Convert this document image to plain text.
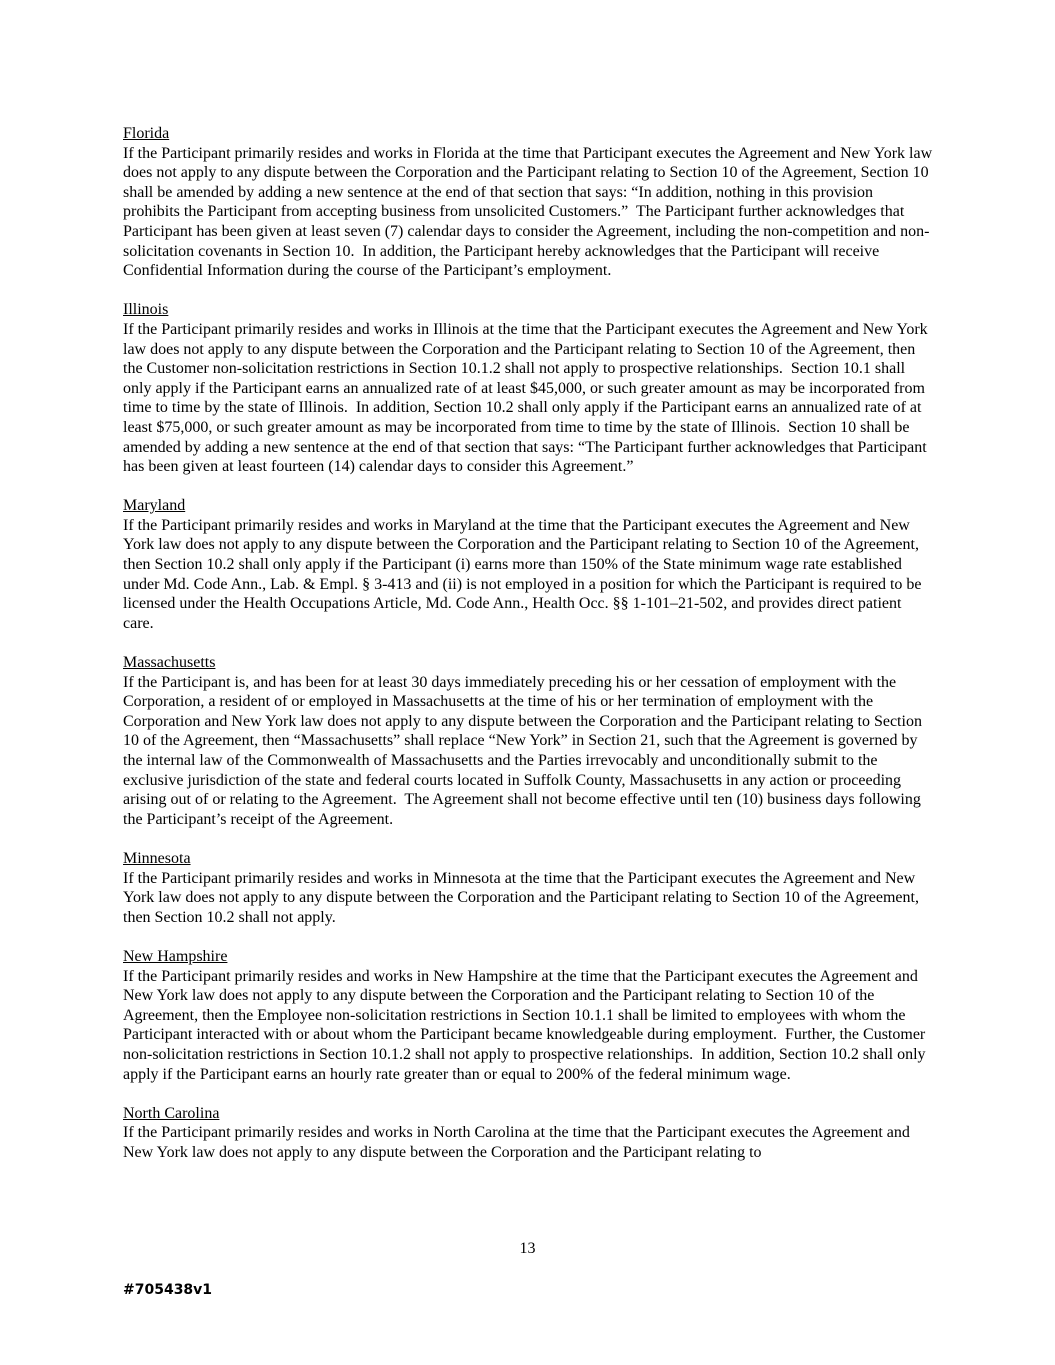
Florida
If the Participant primarily resides and works in Florida at the time that Participant executes the Agreement and New York law does not apply to any dispute between the Corporation and the Participant relating to Section 10 of the Agreement, Section 10 shall be amended by adding a new sentence at the end of that section that says: “In addition, nothing in this provision prohibits the Participant from accepting business from unsolicited Customers.”  The Participant further acknowledges that Participant has been given at least seven (7) calendar days to consider the Agreement, including the non-competition and non-solicitation covenants in Section 10.  In addition, the Participant hereby acknowledges that the Participant will receive Confidential Information during the course of the Participant’s employment.
Illinois
If the Participant primarily resides and works in Illinois at the time that the Participant executes the Agreement and New York law does not apply to any dispute between the Corporation and the Participant relating to Section 10 of the Agreement, then the Customer non-solicitation restrictions in Section 10.1.2 shall not apply to prospective relationships.  Section 10.1 shall only apply if the Participant earns an annualized rate of at least $45,000, or such greater amount as may be incorporated from time to time by the state of Illinois.  In addition, Section 10.2 shall only apply if the Participant earns an annualized rate of at least $75,000, or such greater amount as may be incorporated from time to time by the state of Illinois.  Section 10 shall be amended by adding a new sentence at the end of that section that says: “The Participant further acknowledges that Participant has been given at least fourteen (14) calendar days to consider this Agreement.”
Maryland
If the Participant primarily resides and works in Maryland at the time that the Participant executes the Agreement and New York law does not apply to any dispute between the Corporation and the Participant relating to Section 10 of the Agreement, then Section 10.2 shall only apply if the Participant (i) earns more than 150% of the State minimum wage rate established under Md. Code Ann., Lab. & Empl. § 3-413 and (ii) is not employed in a position for which the Participant is required to be licensed under the Health Occupations Article, Md. Code Ann., Health Occ. §§ 1-101–21-502, and provides direct patient care.
Massachusetts
If the Participant is, and has been for at least 30 days immediately preceding his or her cessation of employment with the Corporation, a resident of or employed in Massachusetts at the time of his or her termination of employment with the Corporation and New York law does not apply to any dispute between the Corporation and the Participant relating to Section 10 of the Agreement, then “Massachusetts” shall replace “New York” in Section 21, such that the Agreement is governed by the internal law of the Commonwealth of Massachusetts and the Parties irrevocably and unconditionally submit to the exclusive jurisdiction of the state and federal courts located in Suffolk County, Massachusetts in any action or proceeding arising out of or relating to the Agreement.  The Agreement shall not become effective until ten (10) business days following the Participant’s receipt of the Agreement.
Minnesota
If the Participant primarily resides and works in Minnesota at the time that the Participant executes the Agreement and New York law does not apply to any dispute between the Corporation and the Participant relating to Section 10 of the Agreement, then Section 10.2 shall not apply.
New Hampshire
If the Participant primarily resides and works in New Hampshire at the time that the Participant executes the Agreement and New York law does not apply to any dispute between the Corporation and the Participant relating to Section 10 of the Agreement, then the Employee non-solicitation restrictions in Section 10.1.1 shall be limited to employees with whom the Participant interacted with or about whom the Participant became knowledgeable during employment.  Further, the Customer non-solicitation restrictions in Section 10.1.2 shall not apply to prospective relationships.  In addition, Section 10.2 shall only apply if the Participant earns an hourly rate greater than or equal to 200% of the federal minimum wage.
North Carolina
If the Participant primarily resides and works in North Carolina at the time that the Participant executes the Agreement and New York law does not apply to any dispute between the Corporation and the Participant relating to
13
#705438v1
